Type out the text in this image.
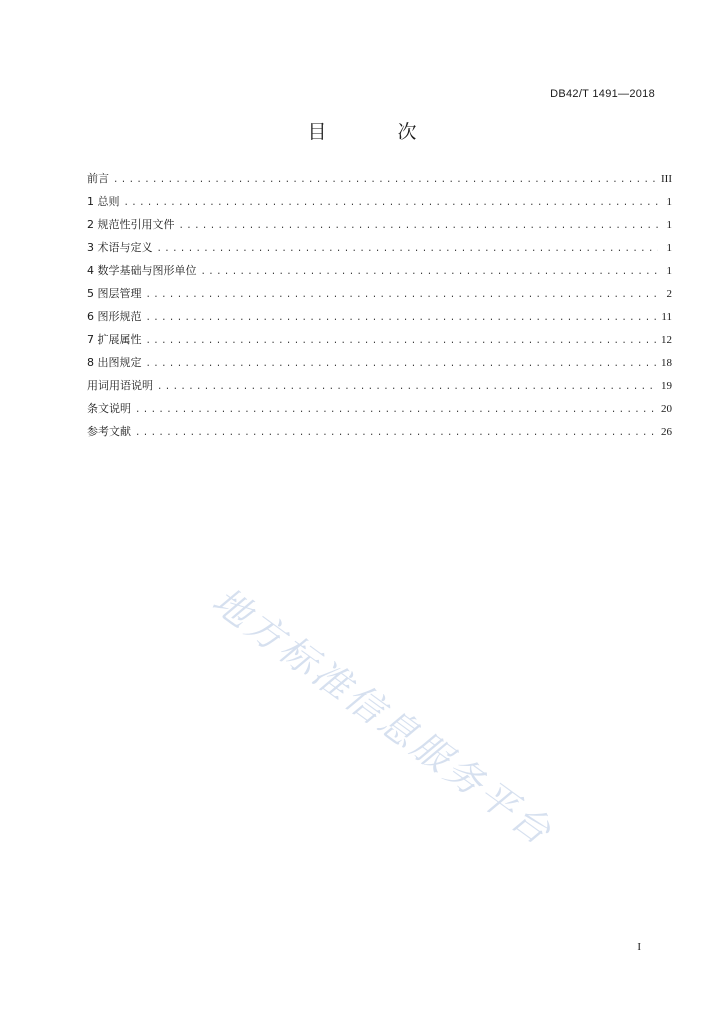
DB42/T 1491—2018
目　次
前言 .....	III
1 总则 .....	1
2 规范性引用文件 .....	1
3 术语与定义 .....	1
4 数学基础与图形单位 .....	1
5 图层管理 .....	2
6 图形规范 .....	11
7 扩展属性 .....	12
8 出图规定 .....	18
用词用语说明 .....	19
条文说明 .....	20
参考文献 .....	26
地方标准信息服务平台
I
